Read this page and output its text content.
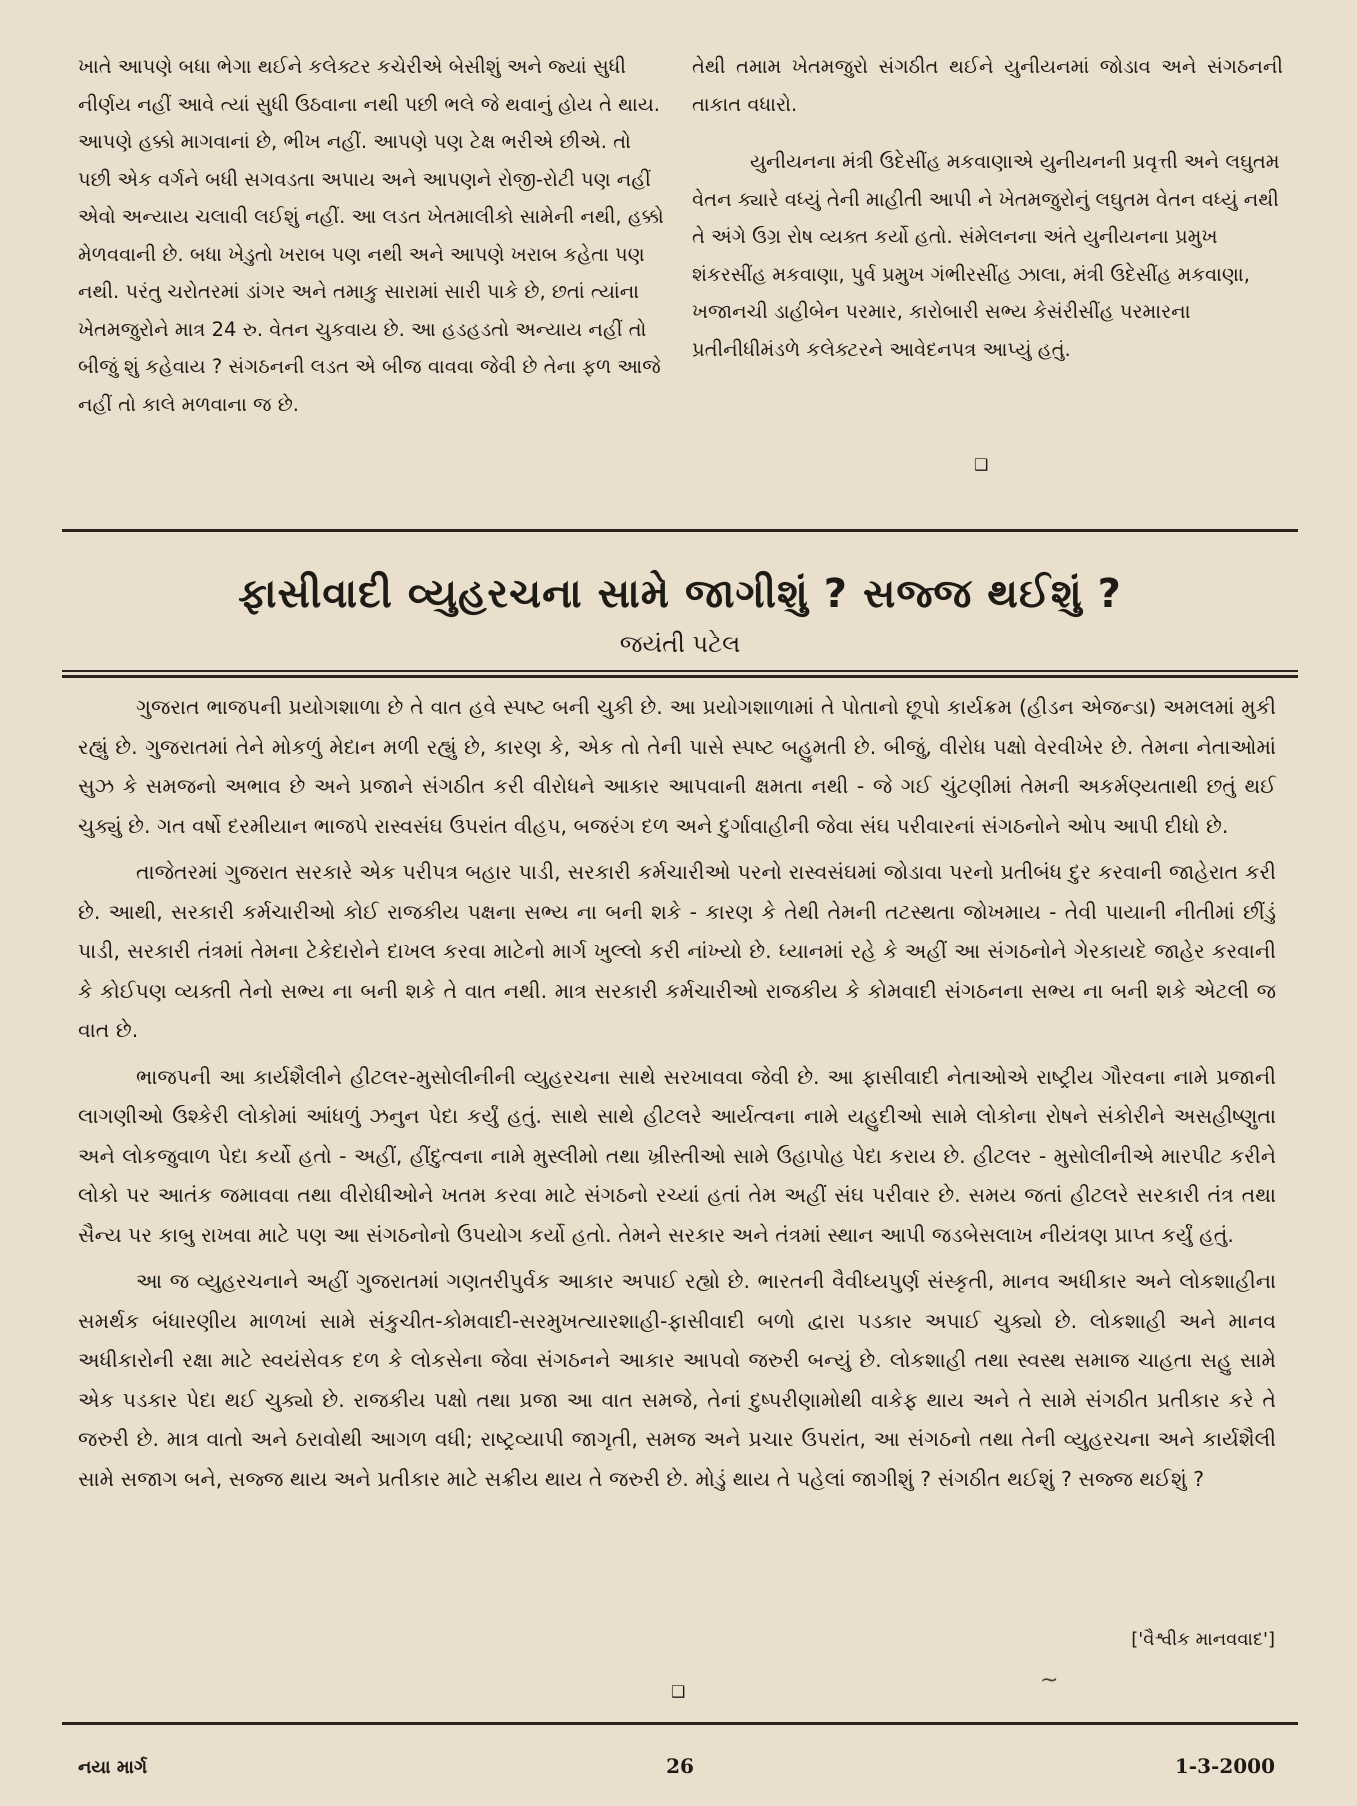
ખાતે આપણે બધા ભેગા થઈને કલેક્ટર કચેરીએ બેસીશું અને જ્યાં સુધી નીર્ણય નહીં આવે ત્યાં સુધી ઉઠવાના નથી પછી ભલે જે થવાનું હોય તે થાય. આપણે હક્કો માગવાનાં છે, ભીખ નહીં. આપણે પણ ટેક્ષ ભરીએ છીએ. તો પછી એક વર્ગને બધી સગવડતા અપાય અને આપણને રોજી-રોટી પણ નહીં એવો અન્યાય ચલાવી લઈશું નહીં. આ લડત ખેતમાલીકો સામેની નથી, હક્કો મેળવવાની છે. બધા ખેડુતો ખરાબ પણ નથી અને આપણે ખરાબ કહેતા પણ નથી. પરંતુ ચરોતરમાં ડાંગર અને તમાકુ સારામાં સારી પાકે છે, છતાં ત્યાંના ખેતમજુરોને માત્ર 24 રુ. વેતન ચુકવાય છે. આ હડહડતો અન્યાય નહીં તો બીજું શું કહેવાય ? સંગઠનની લડત એ બીજ વાવવા જેવી છે તેના ફળ આજે નહીં તો કાલે મળવાના જ છે.

તેથી તમામ ખેતમજુરો સંગઠીત થઈને યુનીયનમાં જોડાવ અને સંગઠનની તાકાત વધારો.

યુનીયનના મંત્રી ઉદેસીંહ મકવાણાએ યુનીયનની પ્રવૃત્તી અને લઘુતમ વેતન ક્યારે વધ્યું તેની માહીતી આપી ને ખેતમજુરોનું લઘુતમ વેતન વધ્યું નથી તે અંગે ઉગ્ર રોષ વ્યક્ત કર્યો હતો. સંમેલનના અંતે યુનીયનના પ્રમુખ શંકરસીંહ મકવાણા, પુર્વ પ્રમુખ ગંભીરસીંહ ઝાલા, મંત્રી ઉદેસીંહ મકવાણા, ખજાનચી ડાહીબેન પરમાર, કારોબારી સભ્ય કેસંરીસીંહ પરમારના પ્રતીનીધીમંડળે કલેક્ટરને આવેદનપત્ર આપ્યું હતું.

❑
ફાસીવાદી વ્યુહરચના સામે જાગીશું ? સજ્જ થઈશું ?
જયંતી પટેલ

ગુજરાત ભાજપની પ્રયોગશાળા છે તે વાત હવે સ્પષ્ટ બની ચુકી છે. આ પ્રયોગશાળામાં તે પોતાનો છૂપો કાર્યક્રમ (હીડન એજન્ડા) અમલમાં મુકી રહ્યું છે. ગુજરાતમાં તેને મોકળું મેદાન મળી રહ્યું છે, કારણ કે, એક તો તેની પાસે સ્પષ્ટ બહુમતી છે. બીજું, વીરોધ પક્ષો વેરવીખેર છે. તેમના નેતાઓમાં સુઝ કે સમજનો અભાવ છે અને પ્રજાને સંગઠીત કરી વીરોધને આકાર આપવાની ક્ષમતા નથી - જે ગઈ ચુંટણીમાં તેમની અકર્મણ્યતાથી છતું થઈ ચુક્યું છે. ગત વર્ષો દરમીયાન ભાજપે રાસ્વસંઘ ઉપરાંત વીહપ, બજરંગ દળ અને દુર્ગાવાહીની જેવા સંઘ પરીવારનાં સંગઠનોને ઓપ આપી દીધો છે.

તાજેતરમાં ગુજરાત સરકારે એક પરીપત્ર બહાર પાડી, સરકારી કર્મચારીઓ પરનો રાસ્વસંઘમાં જોડાવા પરનો પ્રતીબંધ દુર કરવાની જાહેરાત કરી છે. આથી, સરકારી કર્મચારીઓ કોઈ રાજકીય પક્ષના સભ્ય ના બની શકે - કારણ કે તેથી તેમની તટસ્થતા જોખમાય - તેવી પાયાની નીતીમાં છીંડું પાડી, સરકારી તંત્રમાં તેમના ટેકેદારોને દાખલ કરવા માટેનો માર્ગ ખુલ્લો કરી નાંખ્યો છે. ધ્યાનમાં રહે કે અહીં આ સંગઠનોને ગેરકાયદે જાહેર કરવાની કે કોઈપણ વ્યક્તી તેનો સભ્ય ના બની શકે તે વાત નથી. માત્ર સરકારી કર્મચારીઓ રાજકીય કે કોમવાદી સંગઠનના સભ્ય ના બની શકે એટલી જ વાત છે.

ભાજપની આ કાર્યશૈલીને હીટલર-મુસોલીનીની વ્યુહરચના સાથે સરખાવવા જેવી છે. આ ફાસીવાદી નેતાઓએ રાષ્ટ્રીય ગૌરવના નામે પ્રજાની લાગણીઓ ઉશ્કેરી લોકોમાં આંધળું ઝનુન પેદા કર્યું હતું. સાથે સાથે હીટલરે આર્યત્વના નામે યહુદીઓ સામે લોકોના રોષને સંકોરીને અસહીષ્ણુતા અને લોકજુવાળ પેદા કર્યો હતો - અહીં, હીંદુત્વના નામે મુસ્લીમો તથા ખ્રીસ્તીઓ સામે ઉહાપોહ પેદા કરાય છે. હીટલર - મુસોલીનીએ મારપીટ કરીને લોકો પર આતંક જમાવવા તથા વીરોધીઓને ખતમ કરવા માટે સંગઠનો રચ્યાં હતાં તેમ અહીં સંઘ પરીવાર છે. સમય જતાં હીટલરે સરકારી તંત્ર તથા સૈન્ય પર કાબુ રાખવા માટે પણ આ સંગઠનોનો ઉપયોગ કર્યો હતો. તેમને સરકાર અને તંત્રમાં સ્થાન આપી જડબેસલાખ નીયંત્રણ પ્રાપ્ત કર્યું હતું.

આ જ વ્યુહરચનાને અહીં ગુજરાતમાં ગણતરીપુર્વક આકાર અપાઈ રહ્યો છે. ભારતની વૈવીધ્યપુર્ણ સંસ્કૃતી, માનવ અધીકાર અને લોકશાહીના સમર્થક બંધારણીય માળખાં સામે સંકુચીત-કોમવાદી-સરમુખત્યારશાહી-ફાસીવાદી બળો દ્વારા પડકાર અપાઈ ચુક્યો છે. લોકશાહી અને માનવ અધીકારોની રક્ષા માટે સ્વયંસેવક દળ કે લોકસેના જેવા સંગઠનને આકાર આપવો જરુરી બન્યું છે. લોકશાહી તથા સ્વસ્થ સમાજ ચાહતા સહુ સામે એક પડકાર પેદા થઈ ચુક્યો છે. રાજકીય પક્ષો તથા પ્રજા આ વાત સમજે, તેનાં દુષ્પરીણામોથી વાકેફ થાય અને તે સામે સંગઠીત પ્રતીકાર કરે તે જરુરી છે. માત્ર વાતો અને ઠરાવોથી આગળ વધી; રાષ્ટ્રવ્યાપી જાગૃતી, સમજ અને પ્રચાર ઉપરાંત, આ સંગઠનો તથા તેની વ્યુહરચના અને કાર્યશૈલી સામે સજાગ બને, સજ્જ થાય અને પ્રતીકાર માટે સક્રીય થાય તે જરુરી છે. મોડું થાય તે પહેલાં જાગીશું ? સંગઠીત થઈશું ? સજ્જ થઈશું ?

['વૈશ્વીક માનવવાદ']
❑	~
નયા માર્ગ	26	1-3-2000
